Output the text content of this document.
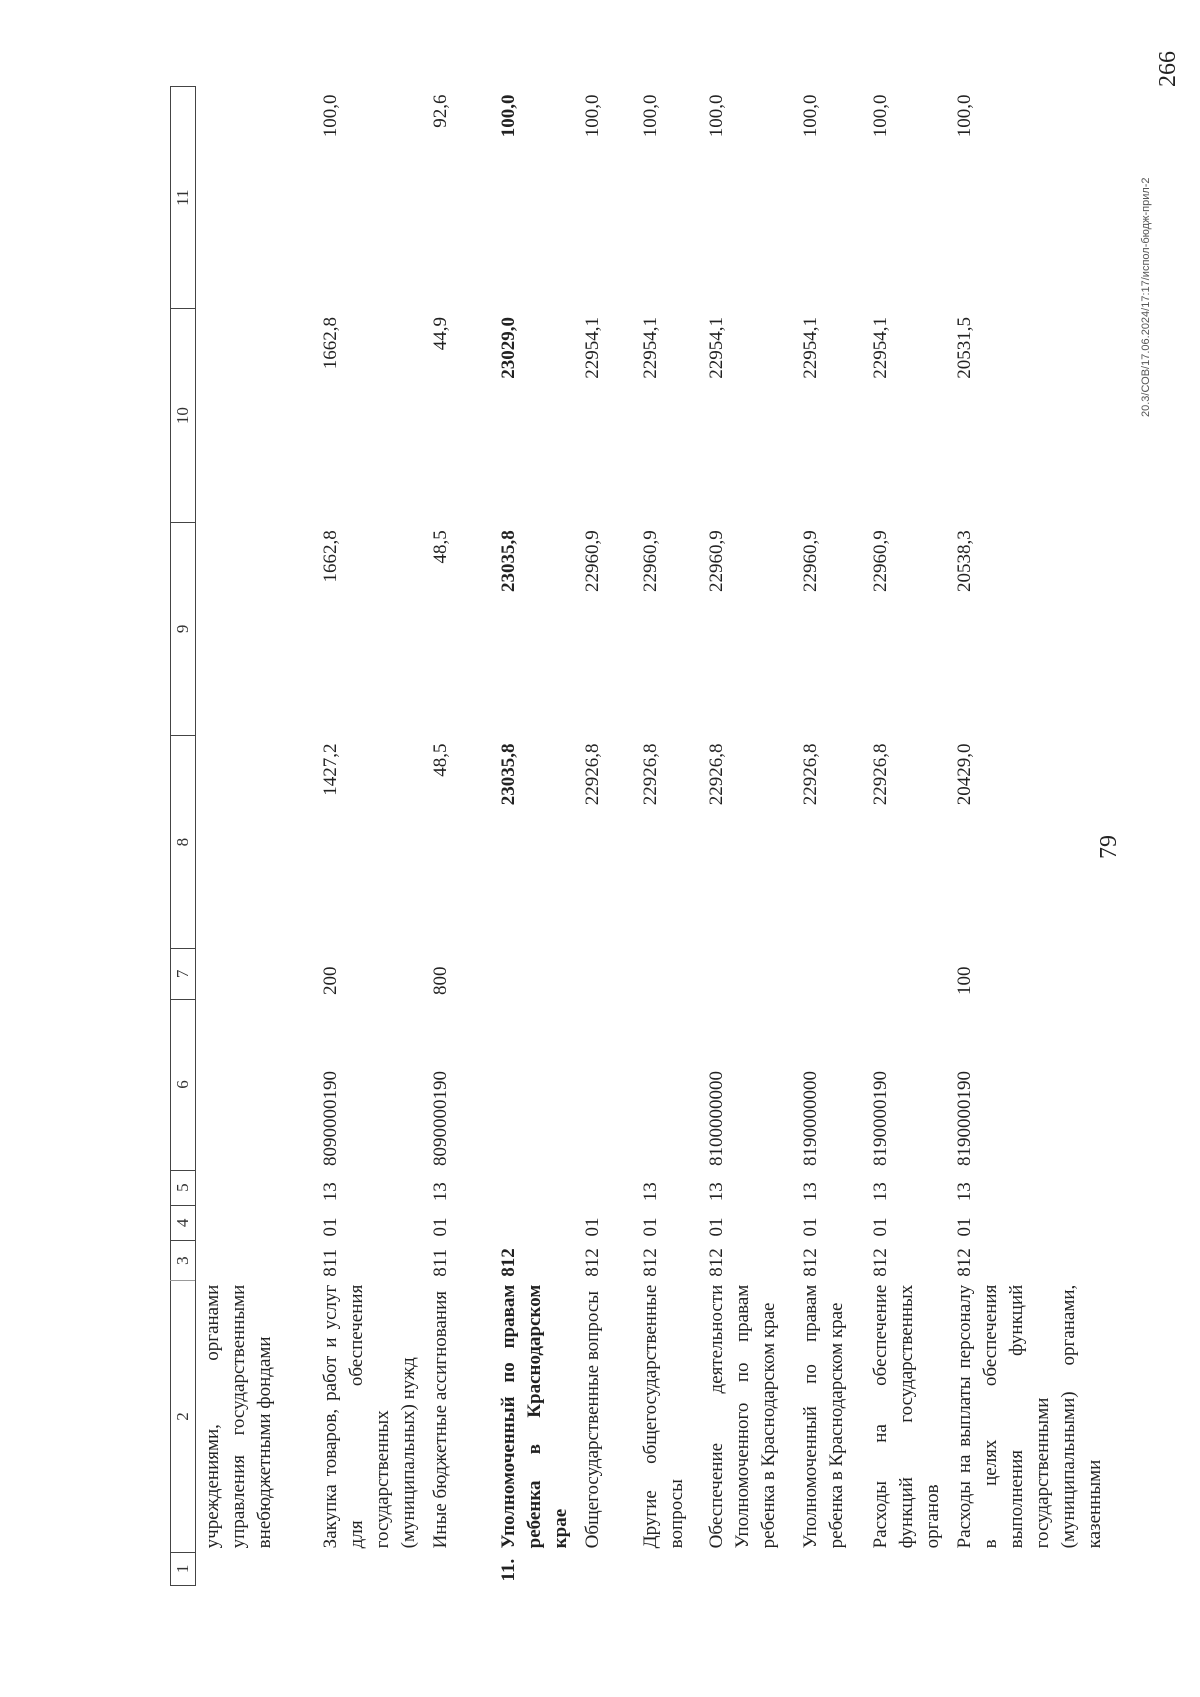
79
1	2	3	4	5	6	7	8	9	10	11
	учреждениями, органами управления государственными внебюджетными фондами									
	Закупка товаров, работ и услуг для обеспечения государственных (муниципальных) нужд	811	01	13	8090000190	200	1427,2	1662,8	1662,8	100,0
	Иные бюджетные ассигнования	811	01	13	8090000190	800	48,5	48,5	44,9	92,6
11.	Уполномоченный по правам ребенка в Краснодарском крае	812					23035,8	23035,8	23029,0	100,0
	Общегосударственные вопросы	812	01				22926,8	22960,9	22954,1	100,0
	Другие общегосударственные вопросы	812	01	13			22926,8	22960,9	22954,1	100,0
	Обеспечение деятельности Уполномоченного по правам ребенка в Краснодарском крае	812	01	13	8100000000		22926,8	22960,9	22954,1	100,0
	Уполномоченный по правам ребенка в Краснодарском крае	812	01	13	8190000000		22926,8	22960,9	22954,1	100,0
	Расходы на обеспечение функций государственных органов	812	01	13	8190000190		22926,8	22960,9	22954,1	100,0
	Расходы на выплаты персоналу в целях обеспечения выполнения функций государственными (муниципальными) органами, казенными	812	01	13	8190000190	100	20429,0	20538,3	20531,5	100,0
20.3/СОВ/17.06.2024/17:17/испол-бюдж-прил-2
266
